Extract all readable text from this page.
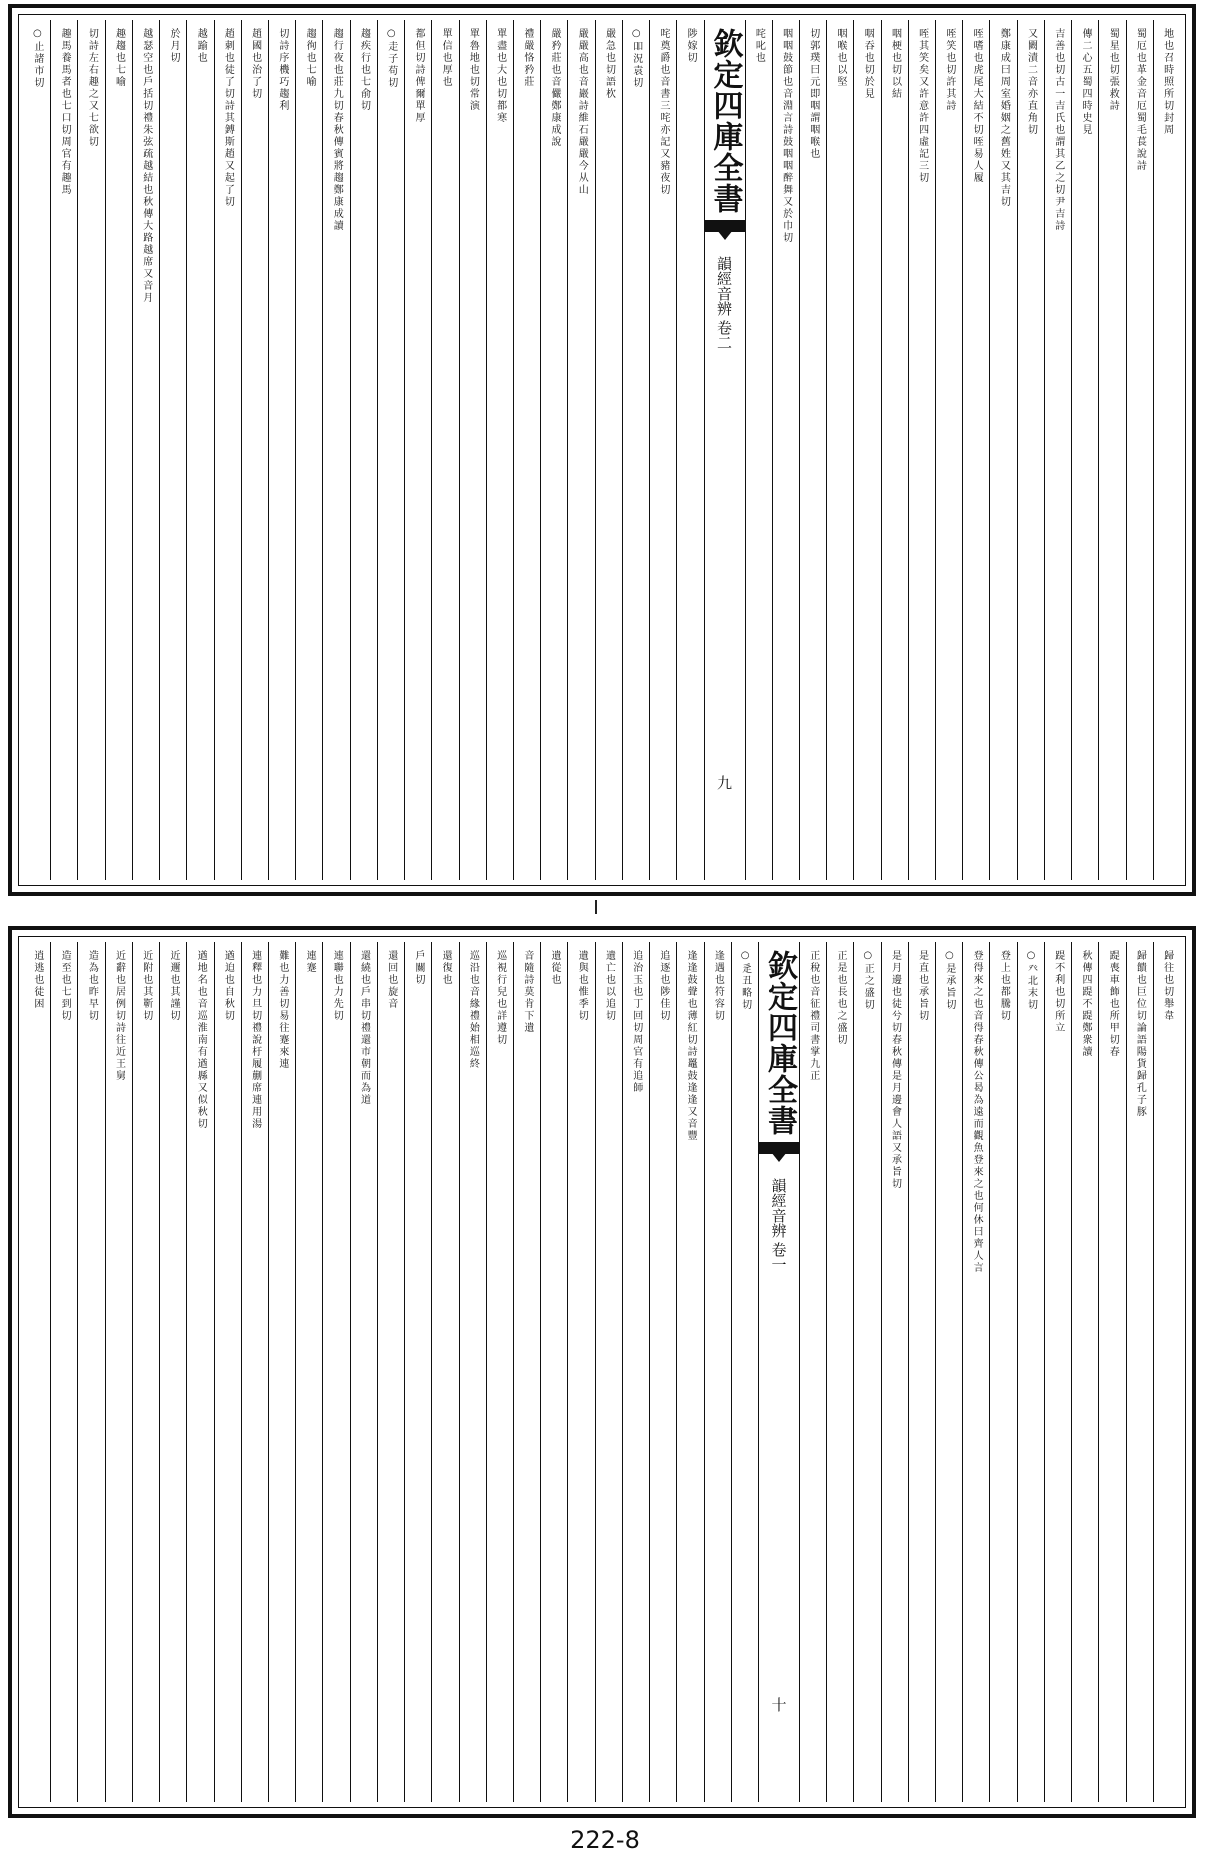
地也召時照所切封周
蜀厄也革金音厄蜀毛萇說詩
蜀星也切張救詩
傳二心五蜀四時史見
吉善也切古一吉氏也謂其乙之切尹吉詩
又闕漬二音亦直角切
鄭康成曰周室婚姻之舊姓又其吉切
咥嗜也虎尾大結不切咥易人履
咥笑也切許其詩
咥其笑矣又許意許四虛記三切
咽梗也切以結
咽吞也切於見
咽喉也以堅
切郭璞曰元即咽謂咽喉也
咽咽鼓節也音淵言詩鼓咽咽醉舞又於巾切
咤叱也
欽定四庫全書
韻經音辨
卷二
九
陟嫁切
咤奠爵也音書三咤亦記又豬夜切
○吅況袁切
嚴急也切語杴
嚴嚴高也音巖詩維石嚴嚴今从山
嚴矜莊也音儼鄭康成說
禮嚴恪矜莊
單盡也大也切都寒
單魯地也切常演
單信也厚也
都但切詩俾爾單厚
○走子苟切
趨疾行也七俞切
趨行夜也莊九切春秋傳賓將趨鄭康成讀
趨徇也七喻
切詩序機巧趨利
趙國也治了切
趙刺也徒了切詩其鎛斯趙又起了切
越踰也
於月切
越瑟空也戶括切禮朱弦疏越結也秋傳大路越席又音月
趣趨也七喻
切詩左右趣之又七欲切
趣馬養馬者也七口切周官有趣馬
○止諸市切
歸往也切舉韋
歸饋也巨位切論語陽貨歸孔子豚
踶喪車飾也所甲切春
秋傳四踶不踶鄭衆讀
踶不利也切所立
○癶北末切
登上也都騰切
登得來之也音得春秋傳公曷為遠而觀魚登來之也何休曰齊人言
○是承旨切
是直也承旨切
是月邊也徒兮切春秋傳是月邊會人語又承旨切
○正之盛切
正是也長也之盛切
正稅也音征禮司書掌九正
欽定四庫全書
韻經音辨
卷一
十
○辵丑略切
逢遇也符容切
逢逢鼓聲也薄紅切詩鼉鼓逢逢又音豐
追逐也陟佳切
追治玉也丁回切周官有追師
遺亡也以追切
遺與也惟季切
遺從也
音隨詩莫肯下遺
巡視行兒也詳遵切
巡沿也音緣禮始相巡終
還復也
戶關切
還回也旋音
還繞也戶串切禮還市朝而為道
連聯也力先切
連蹇
難也力善切易往蹇來連
連釋也力旦切禮說杅履蒯席連用湯
遒迫也自秋切
遒地名也音巡淮南有遒縣又似秋切
近邇也其謹切
近附也其靳切
近辭也居例切詩往近王舅
造為也昨早切
造至也七到切
逍逃也徒困
222-8
